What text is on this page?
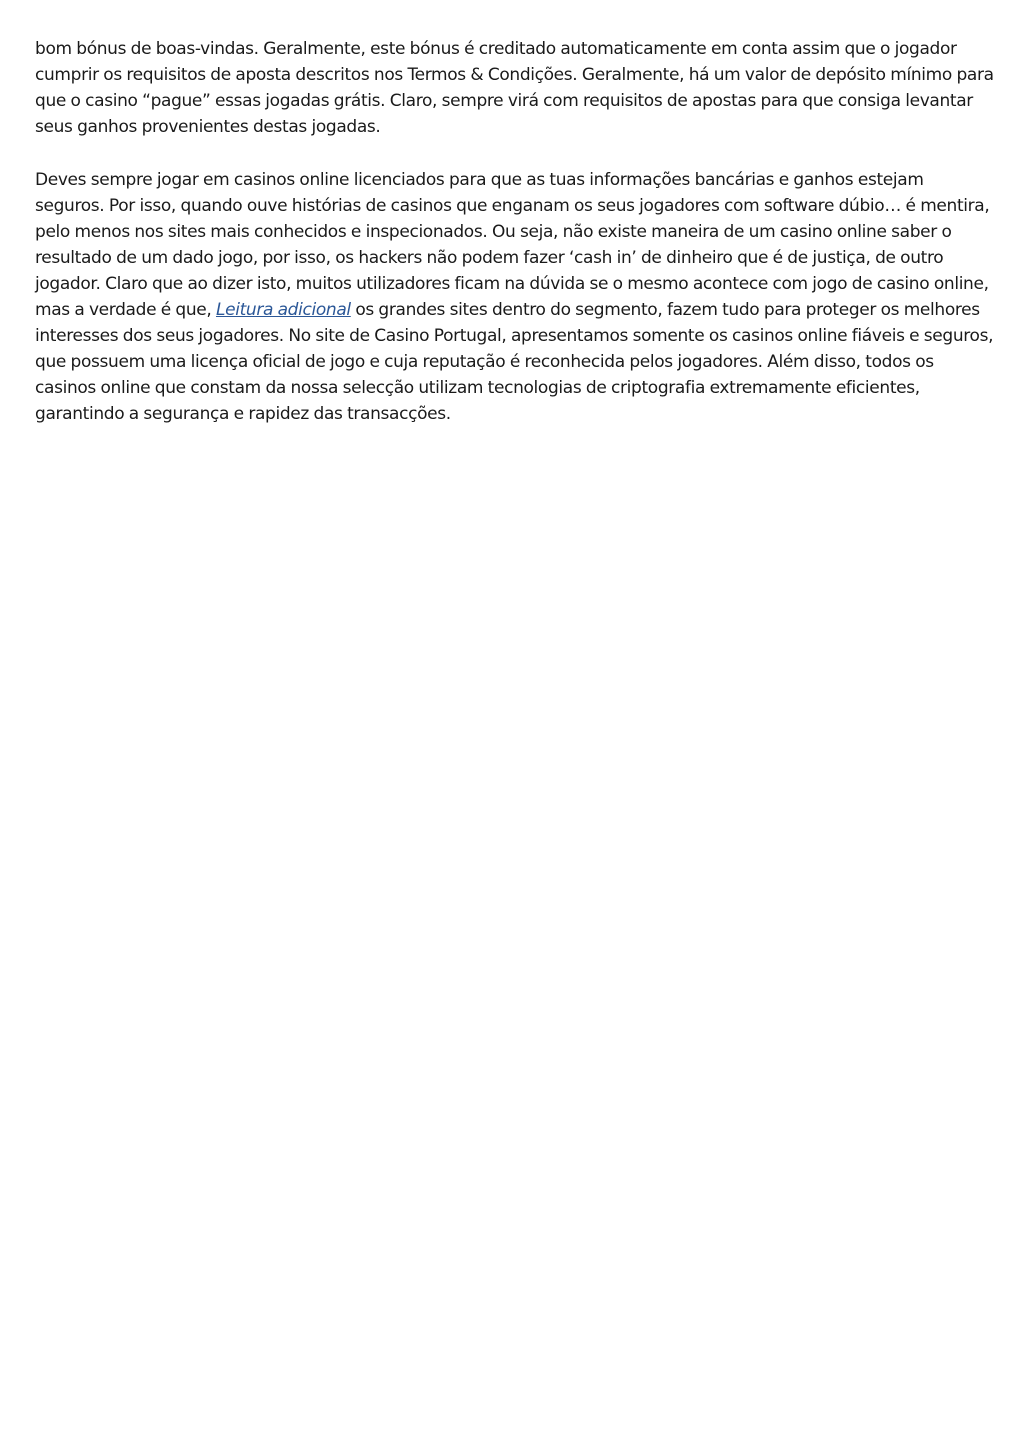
bom bónus de boas-vindas. Geralmente, este bónus é creditado automaticamente em conta assim que o jogador cumprir os requisitos de aposta descritos nos Termos & Condições. Geralmente, há um valor de depósito mínimo para que o casino “pague” essas jogadas grátis. Claro, sempre virá com requisitos de apostas para que consiga levantar seus ganhos provenientes destas jogadas.

Deves sempre jogar em casinos online licenciados para que as tuas informações bancárias e ganhos estejam seguros. Por isso, quando ouve histórias de casinos que enganam os seus jogadores com software dúbio… é mentira, pelo menos nos sites mais conhecidos e inspecionados. Ou seja, não existe maneira de um casino online saber o resultado de um dado jogo, por isso, os hackers não podem fazer ‘cash in’ de dinheiro que é de justiça, de outro jogador. Claro que ao dizer isto, muitos utilizadores ficam na dúvida se o mesmo acontece com jogo de casino online, mas a verdade é que, Leitura adicional os grandes sites dentro do segmento, fazem tudo para proteger os melhores interesses dos seus jogadores. No site de Casino Portugal, apresentamos somente os casinos online fiáveis e seguros, que possuem uma licença oficial de jogo e cuja reputação é reconhecida pelos jogadores. Além disso, todos os casinos online que constam da nossa selecção utilizam tecnologias de criptografia extremamente eficientes, garantindo a segurança e rapidez das transacções.
